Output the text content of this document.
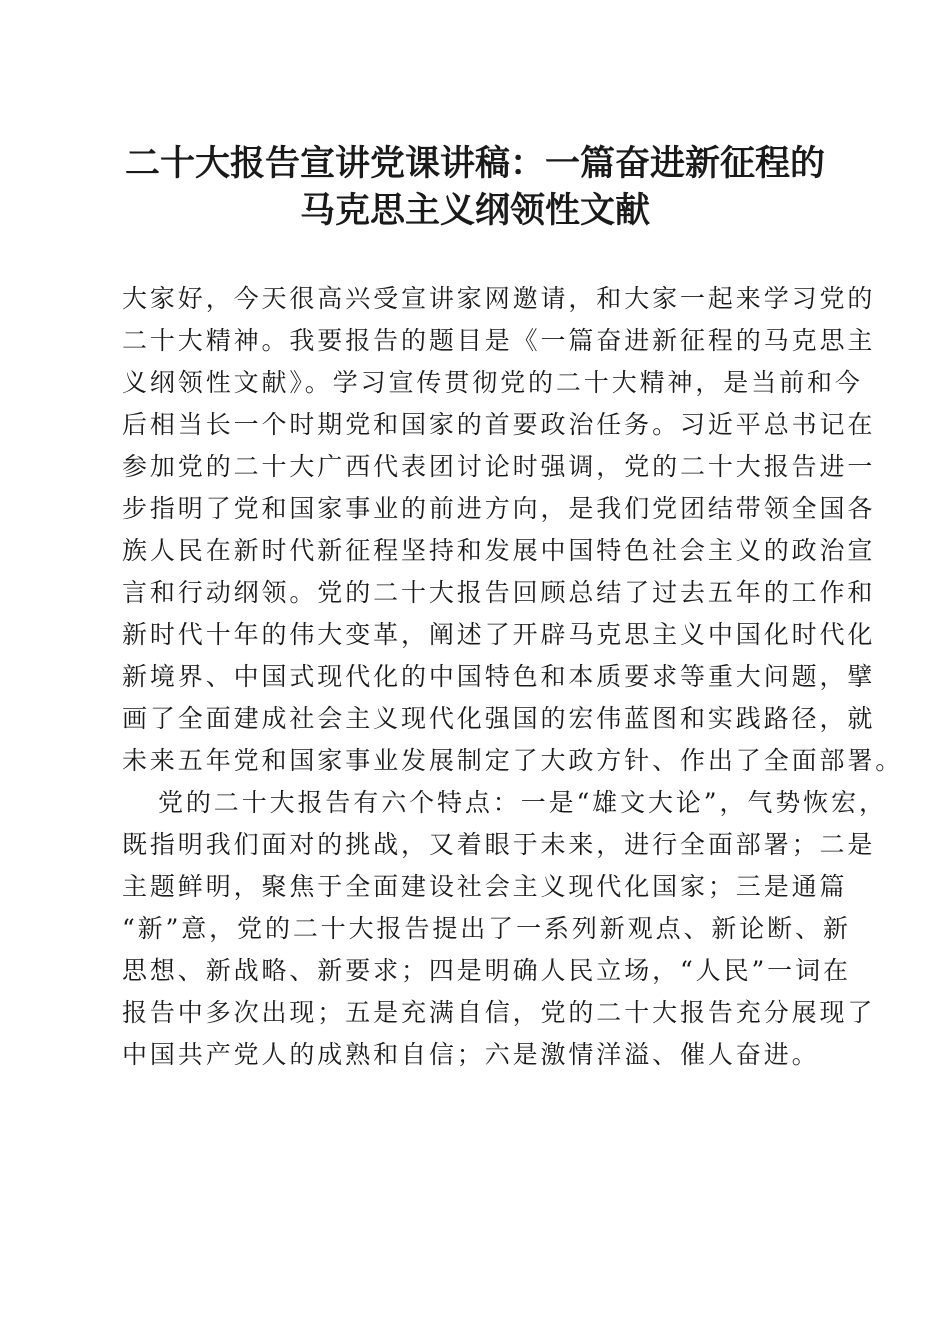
二十大报告宣讲党课讲稿：一篇奋进新征程的
马克思主义纲领性文献
大家好，今天很高兴受宣讲家网邀请，和大家一起来学习党的
二十大精神。我要报告的题目是《一篇奋进新征程的马克思主
义纲领性文献》。学习宣传贯彻党的二十大精神，是当前和今
后相当长一个时期党和国家的首要政治任务。习近平总书记在
参加党的二十大广西代表团讨论时强调，党的二十大报告进一
步指明了党和国家事业的前进方向，是我们党团结带领全国各
族人民在新时代新征程坚持和发展中国特色社会主义的政治宣
言和行动纲领。党的二十大报告回顾总结了过去五年的工作和
新时代十年的伟大变革，阐述了开辟马克思主义中国化时代化
新境界、中国式现代化的中国特色和本质要求等重大问题，擘
画了全面建成社会主义现代化强国的宏伟蓝图和实践路径，就
未来五年党和国家事业发展制定了大政方针、作出了全面部署。
党的二十大报告有六个特点：一是“雄文大论”，气势恢宏，
既指明我们面对的挑战，又着眼于未来，进行全面部署；二是
主题鲜明，聚焦于全面建设社会主义现代化国家；三是通篇
“新”意，党的二十大报告提出了一系列新观点、新论断、新
思想、新战略、新要求；四是明确人民立场，“人民”一词在
报告中多次出现；五是充满自信，党的二十大报告充分展现了
中国共产党人的成熟和自信；六是激情洋溢、催人奋进。
